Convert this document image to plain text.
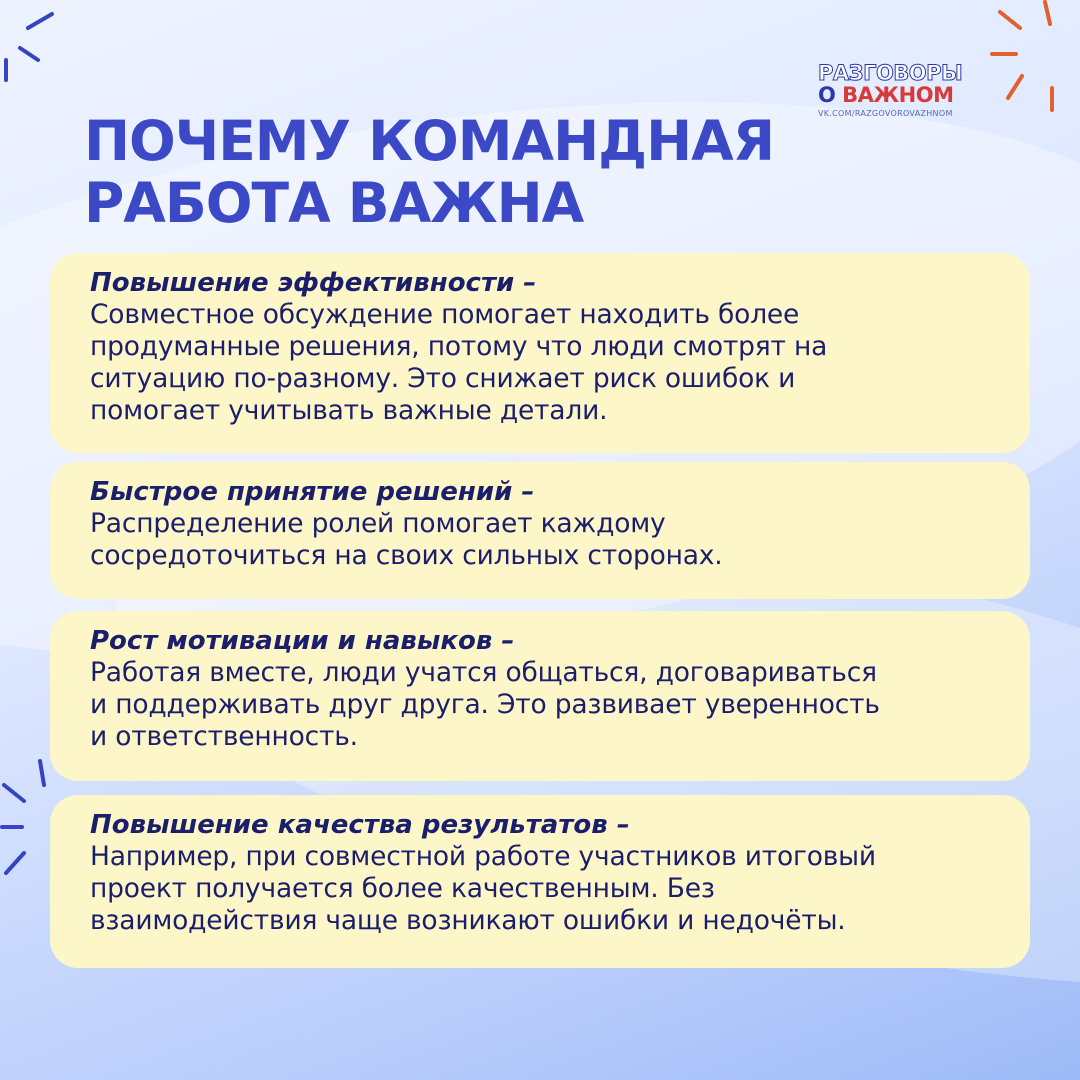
ПОЧЕМУ КОМАНДНАЯ
РАБОТА ВАЖНА
РАЗГОВОРЫ
О ВАЖНОМ
VK.COM/RAZGOVOROVAZHNOM
Повышение эффективности –
Совместное обсуждение помогает находить более
продуманные решения, потому что люди смотрят на
ситуацию по-разному. Это снижает риск ошибок и
помогает учитывать важные детали.
Быстрое принятие решений –
Распределение ролей помогает каждому
сосредоточиться на своих сильных сторонах.
Рост мотивации и навыков –
Работая вместе, люди учатся общаться, договариваться
и поддерживать друг друга. Это развивает уверенность
и ответственность.
Повышение качества результатов –
Например, при совместной работе участников итоговый
проект получается более качественным. Без
взаимодействия чаще возникают ошибки и недочёты.
